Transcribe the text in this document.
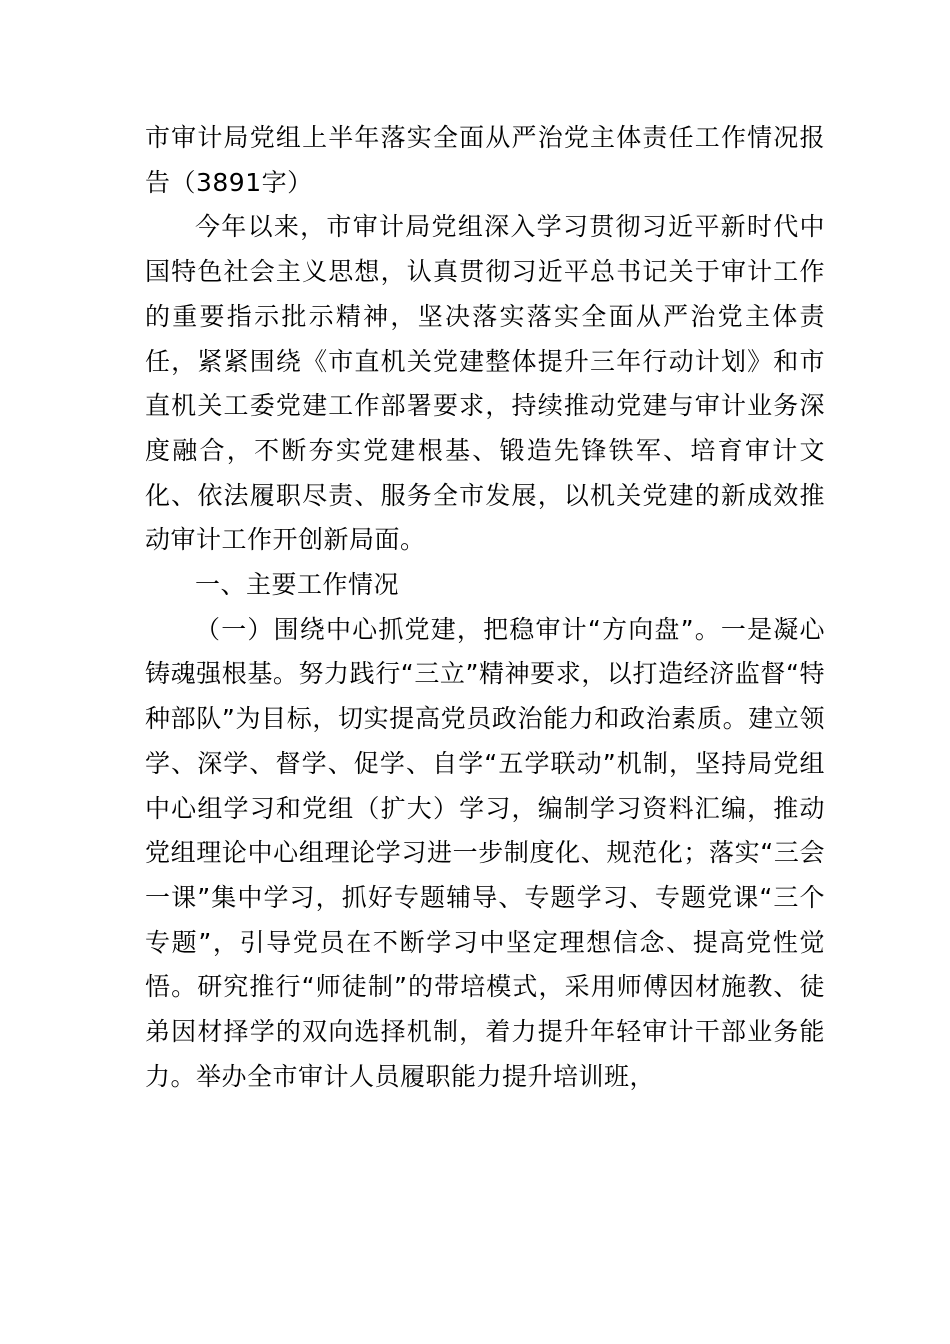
市审计局党组上半年落实全面从严治党主体责任工作情况报告（3891字）

今年以来，市审计局党组深入学习贯彻习近平新时代中国特色社会主义思想，认真贯彻习近平总书记关于审计工作的重要指示批示精神，坚决落实落实全面从严治党主体责任，紧紧围绕《市直机关党建整体提升三年行动计划》和市直机关工委党建工作部署要求，持续推动党建与审计业务深度融合，不断夯实党建根基、锻造先锋铁军、培育审计文化、依法履职尽责、服务全市发展，以机关党建的新成效推动审计工作开创新局面。

一、主要工作情况

（一）围绕中心抓党建，把稳审计“方向盘”。一是凝心铸魂强根基。努力践行“三立”精神要求，以打造经济监督“特种部队”为目标，切实提高党员政治能力和政治素质。建立领学、深学、督学、促学、自学“五学联动”机制，坚持局党组中心组学习和党组（扩大）学习，编制学习资料汇编，推动党组理论中心组理论学习进一步制度化、规范化；落实“三会一课”集中学习，抓好专题辅导、专题学习、专题党课“三个专题”，引导党员在不断学习中坚定理想信念、提高党性觉悟。研究推行“师徒制”的带培模式，采用师傅因材施教、徒弟因材择学的双向选择机制，着力提升年轻审计干部业务能力。举办全市审计人员履职能力提升培训班，
